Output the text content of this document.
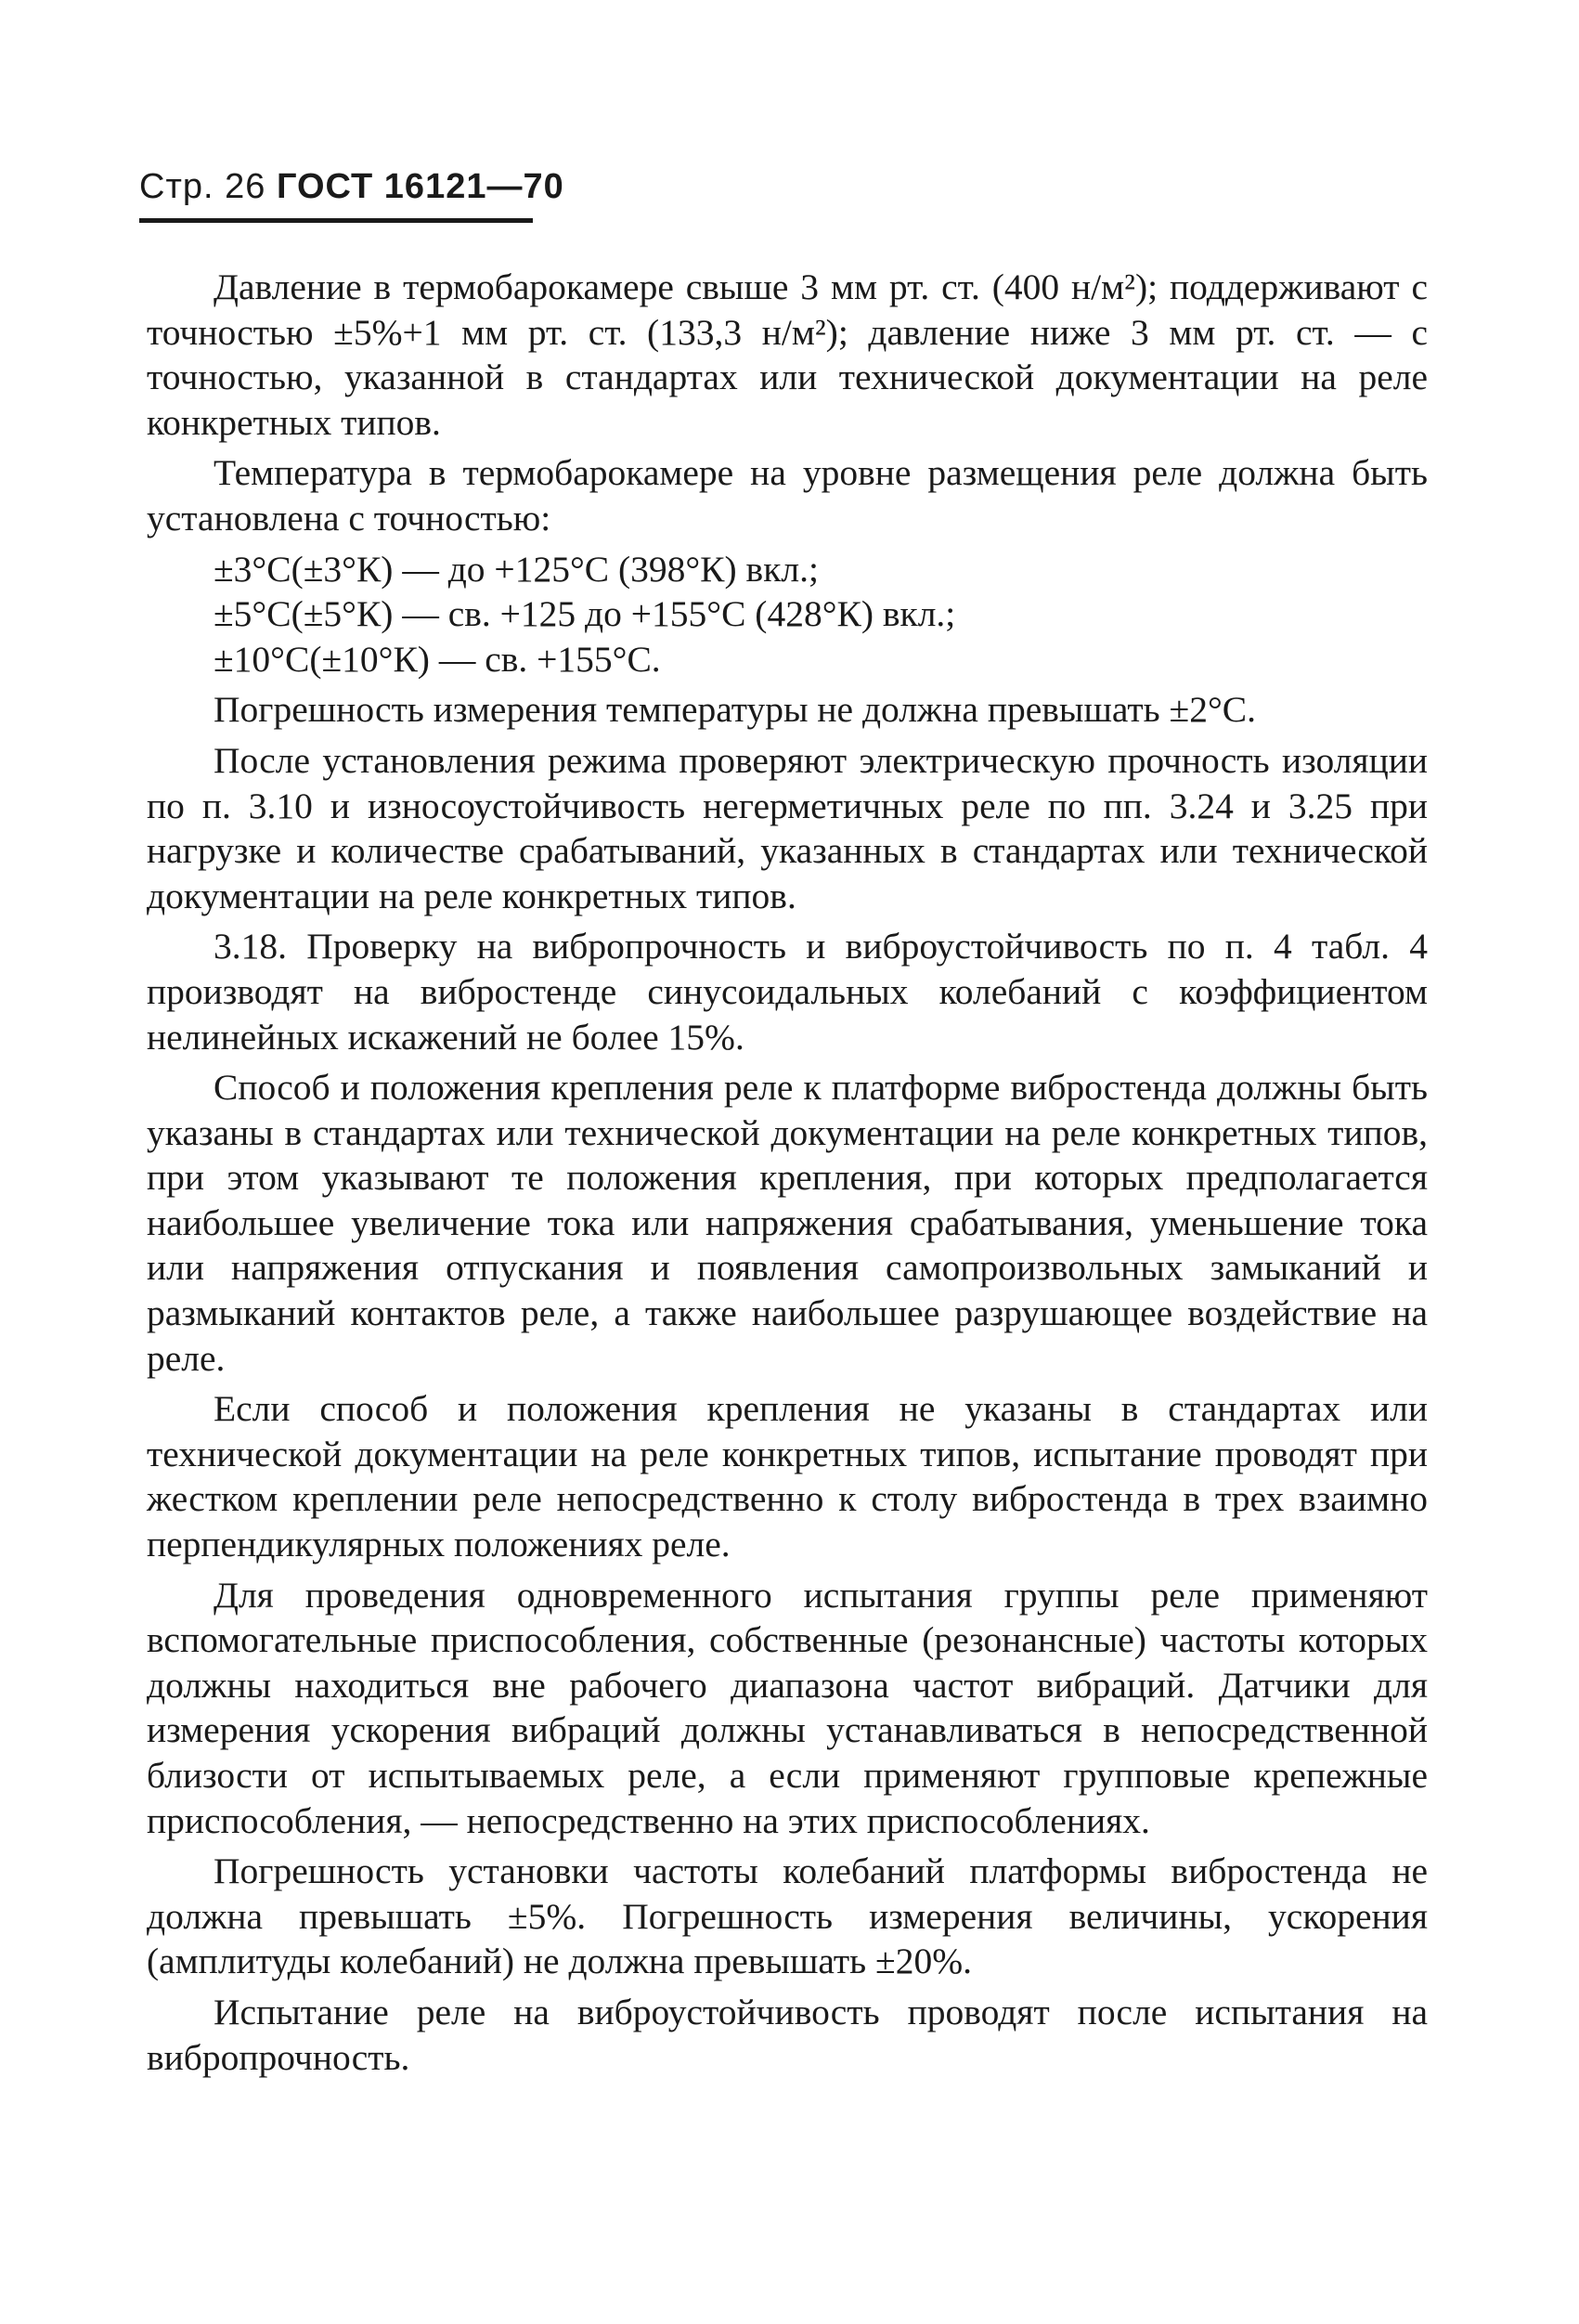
Стр. 26 ГОСТ 16121—70

Давление в термобарокамере свыше 3 мм рт. ст. (400 н/м²); поддерживают с точностью ±5%+1 мм рт. ст. (133,3 н/м²); давление ниже 3 мм рт. ст. — с точностью, указанной в стандартах или технической документации на реле конкретных типов.

Температура в термобарокамере на уровне размещения реле должна быть установлена с точностью:

±3°С(±3°К) — до +125°С (398°К) вкл.;
±5°С(±5°К) — св. +125 до +155°С (428°К) вкл.;
±10°С(±10°К) — св. +155°С.

Погрешность измерения температуры не должна превышать ±2°С.

После установления режима проверяют электрическую прочность изоляции по п. 3.10 и износоустойчивость негерметичных реле по пп. 3.24 и 3.25 при нагрузке и количестве срабатываний, указанных в стандартах или технической документации на реле конкретных типов.

3.18. Проверку на вибропрочность и виброустойчивость по п. 4 табл. 4 производят на вибростенде синусоидальных колебаний с коэффициентом нелинейных искажений не более 15%.

Способ и положения крепления реле к платформе вибростенда должны быть указаны в стандартах или технической документации на реле конкретных типов, при этом указывают те положения крепления, при которых предполагается наибольшее увеличение тока или напряжения срабатывания, уменьшение тока или напряжения отпускания и появления самопроизвольных замыканий и размыканий контактов реле, а также наибольшее разрушающее воздействие на реле.

Если способ и положения крепления не указаны в стандартах или технической документации на реле конкретных типов, испытание проводят при жестком креплении реле непосредственно к столу вибростенда в трех взаимно перпендикулярных положениях реле.

Для проведения одновременного испытания группы реле применяют вспомогательные приспособления, собственные (резонансные) частоты которых должны находиться вне рабочего диапазона частот вибраций. Датчики для измерения ускорения вибраций должны устанавливаться в непосредственной близости от испытываемых реле, а если применяют групповые крепежные приспособления, — непосредственно на этих приспособлениях.

Погрешность установки частоты колебаний платформы вибростенда не должна превышать ±5%. Погрешность измерения величины, ускорения (амплитуды колебаний) не должна превышать ±20%.

Испытание реле на виброустойчивость проводят после испытания на вибропрочность.
